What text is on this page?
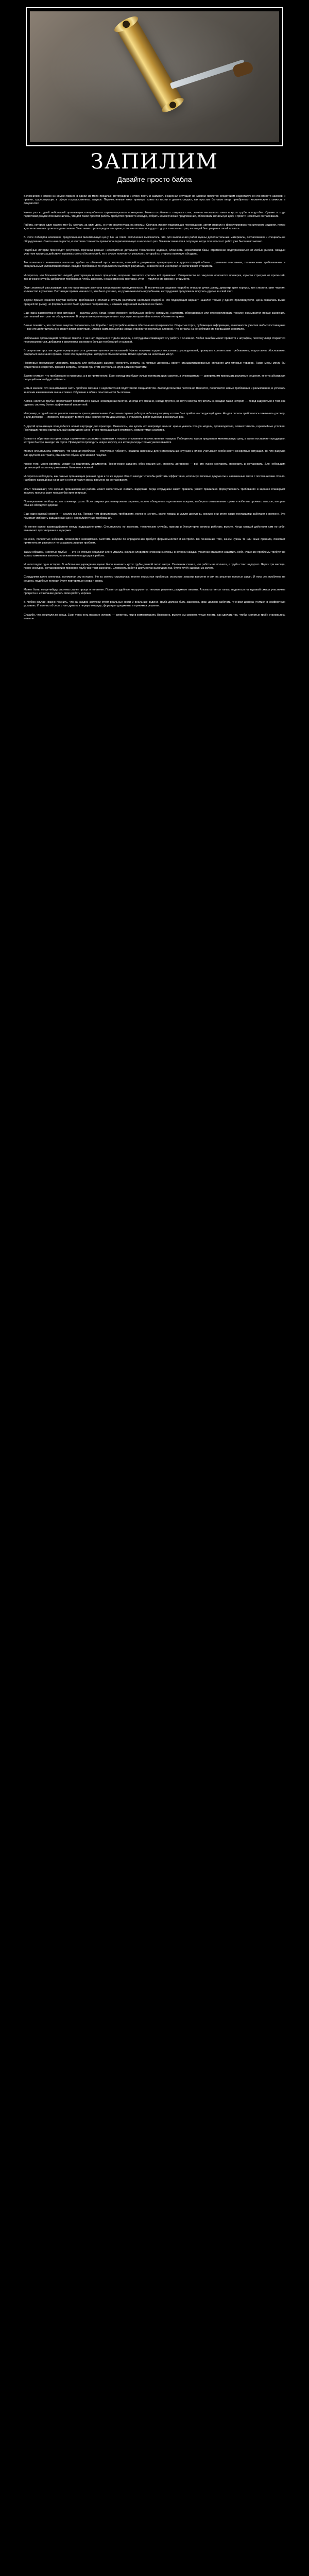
ЗАПИЛИМ
Давайте просто бабла

Вспомнился в одном из комментариев в одной из моих прошлых фотографий к этому посту и замысел. Подобная ситуация во многом является следствием недостаточной понятности законов и правил, существующих в сфере государственных закупок. Перечисленные ниже примеры взяты из жизни и демонстрируют, как простые бытовые вещи приобретают космическую стоимость в документах.

Как-то раз в одной небольшой организации понадобилось отремонтировать помещение. Ничего особенного: покраска стен, замена нескольких ламп и кусок трубы в подсобке. Однако в ходе подготовки документов выяснилось, что для такой простой работы требуется провести конкурс, собрать коммерческие предложения, обосновать начальную цену и пройти несколько согласований.

Работа, которую один мастер мог бы сделать за один день, в итоге растянулась на месяцы. Сначала искали подходящих поставщиков, затем спорили о формулировках технического задания, потом ждали окончания сроков подачи заявок. Участники торгов предлагали цены, которые отличались друг от друга в несколько раз, и каждый был уверен в своей правоте.

В итоге победила компания, предложившая минимальную цену. Но на этапе исполнения выяснилось, что для выполнения работ нужны дополнительные материалы, согласования и специальное оборудование. Смета начала расти, и итоговая стоимость превысила первоначальную в несколько раз. Заказчик оказался в ситуации, когда отказаться от работ уже было невозможно.

Подобные истории происходят регулярно. Причины разные: недостаточно детальное техническое задание, сложность нормативной базы, стремление подстраховаться от любых рисков. Каждый участник процесса действует в рамках своих обязанностей, но в сумме получается результат, который со стороны выглядит абсурдно.

Так появляется знаменитая «золотая труба» — обычный кусок металла, который в документах превращается в дорогостоящий объект с длинным описанием, техническими требованиями и специальными условиями поставки. Каждое требование по отдельности выглядит разумным, но вместе они многократно увеличивают стоимость.

Интересно, что большинство людей, участвующих в таких процессах, искренне пытаются сделать всё правильно. Специалисты по закупкам опасаются проверок, юристы страхуют от претензий, технические службы добавляют требования, чтобы избежать некачественной поставки. Итог — увеличение сроков и стоимости.

Один знакомый рассказывал, как его организация закупала канцелярские принадлежности. В техническом задании подробно описали ручки: длину, диаметр, цвет корпуса, тип стержня, цвет чернил, количество в упаковке. Поставщик привез именно то, что было указано, но ручки оказались неудобными, и сотрудники продолжали покупать другие за свой счет.

Другой пример касался покупки мебели. Требования к столам и стульям расписали настолько подробно, что подходящий вариант нашелся только у одного производителя. Цена оказалась выше средней по рынку, но формально всё было сделано по правилам, и никаких нарушений выявлено не было.

Еще одна распространенная ситуация — закупка услуг. Когда нужно провести небольшую работу, например, настроить оборудование или отремонтировать технику, оказывается проще заключить длительный контракт на обслуживание. В результате организация платит за услуги, которые ей в полном объеме не нужны.

Важно понимать, что система закупок создавалась для борьбы с злоупотреблениями и обеспечения прозрачности. Открытые торги, публикация информации, возможность участия любых поставщиков — всё это действительно снижает риски коррупции. Однако сама процедура иногда становится настолько сложной, что затраты на её соблюдение превышают экономию.

Небольшим организациям особенно тяжело. У них нет отдельного отдела закупок, а сотрудники совмещают эту работу с основной. Любая ошибка может привести к штрафам, поэтому люди стараются перестраховаться, добавляя в документы как можно больше требований и условий.

В результате простые задачи превращаются в длинные цепочки согласований. Нужно получить подписи нескольких руководителей, проверить соответствие требованиям, подготовить обоснования, дождаться окончания сроков. И всё это ради покупки, которую в обычной жизни можно сделать за несколько минут.

Некоторые предлагают упростить правила для небольших закупок, увеличить лимиты на прямые договоры, ввести стандартизированные описания для типовых товаров. Такие меры могли бы существенно сократить время и затраты, оставив при этом контроль за крупными контрактами.

Другие считают, что проблема не в правилах, а в их применении. Если сотрудники будут лучше понимать цели закупок, а руководители — доверять им принимать разумные решения, многих абсурдных ситуаций можно будет избежать.

Есть и мнение, что значительная часть проблем связана с недостаточной подготовкой специалистов. Законодательство постоянно меняется, появляются новые требования и разъяснения, и успевать за всеми изменениями очень сложно. Обучение и обмен опытом могли бы помочь.

А пока «золотые трубы» продолжают появляться в самых неожиданных местах. Иногда это смешно, иногда грустно, но почти всегда поучительно. Каждая такая история — повод задуматься о том, как сделать систему более эффективной и понятной.

Например, в одной школе решили заменить кран в умывальнике. Сантехник оценил работу в небольшую сумму и готов был прийти на следующий день. Но для оплаты требовалось заключить договор, а для договора — провести процедуру. В итоге кран меняли почти два месяца, а стоимость работ выросла в несколько раз.

В другой организации понадобился новый картридж для принтера. Оказалось, что купить его напрямую нельзя: нужно указать точную модель, производителя, совместимость, гарантийные условия. Поставщик привез оригинальный картридж по цене, втрое превышающей стоимость совместимых аналогов.

Бывают и обратные истории, когда стремление сэкономить приводит к покупке откровенно некачественных товаров. Победитель торгов предлагает минимальную цену, а затем поставляет продукцию, которая быстро выходит из строя. Приходится проводить новую закупку, и в итоге расходы только увеличиваются.

Многие специалисты отмечают, что главная проблема — отсутствие гибкости. Правила написаны для универсальных случаев и плохо учитывают особенности конкретных ситуаций. То, что разумно для крупного контракта, становится обузой для мелкой покупки.

Кроме того, много времени уходит на подготовку документов. Технические задания, обоснования цен, проекты договоров — всё это нужно составить, проверить и согласовать. Для небольших организаций такая нагрузка может быть непосильной.

Интересно наблюдать, как разные организации решают одни и те же задачи. Кто-то находит способы работать эффективно, используя типовые документы и налаженные связи с поставщиками. Кто-то, наоборот, каждый раз начинает с нуля и тратит массу времени на согласования.

Опыт показывает, что хорошо организованная работа может значительно снизить издержки. Когда сотрудники знают правила, умеют правильно формулировать требования и заранее планируют закупки, процесс идет гораздо быстрее и проще.

Планирование вообще играет ключевую роль. Если закупки распланированы заранее, можно объединять однотипные покупки, выбирать оптимальные сроки и избегать срочных заказов, которые обычно обходятся дороже.

Еще один важный момент — анализ рынка. Прежде чем формировать требования, полезно изучить, какие товары и услуги доступны, сколько они стоят, какие поставщики работают в регионе. Это помогает избежать завышенных цен и нереалистичных требований.

Не менее важно взаимодействие между подразделениями. Специалисты по закупкам, технические службы, юристы и бухгалтерия должны работать вместе. Когда каждый действует сам по себе, возникают противоречия и задержки.

Конечно, полностью избежать сложностей невозможно. Система закупок по определению требует формальностей и контроля. Но понимание того, зачем нужны те или иные правила, помогает применять их разумно и не создавать лишних проблем.

Таким образом, «золотые трубы» — это не столько результат злого умысла, сколько следствие сложной системы, в которой каждый участник старается защитить себя. Решение проблемы требует не только изменения законов, но и изменения подходов к работе.

И напоследок одна история. В небольшом учреждении нужно было заменить кусок трубы длиной около метра. Сантехник сказал, что работы на полчаса, а труба стоит недорого. Через три месяца, после конкурса, согласований и проверок, трубу всё-таки заменили. Стоимость работ в документах выглядела так, будто трубу сделали из золота.

Сотрудники долго смеялись, вспоминая эту историю. Но за смехом скрывалась вполне серьезная проблема: огромные затраты времени и сил на решение простых задач. И пока эта проблема не решена, подобные истории будут повторяться снова и снова.

Может быть, когда-нибудь система станет проще и понятнее. Появятся удобные инструменты, типовые решения, разумные лимиты. А пока остается только надеяться на здравый смысл участников процесса и их желание делать свою работу хорошо.

В любом случае, важно помнить, что за каждой закупкой стоят реальные люди и реальные задачи. Труба должна быть заменена, кран должен работать, ученики должны учиться в комфортных условиях. И именно об этом стоит думать в первую очередь, формируя документы и принимая решения.

Спасибо, что дочитали до конца. Если у вас есть похожие истории — делитесь ими в комментариях. Возможно, вместе мы сможем лучше понять, как сделать так, чтобы «золотых труб» становилось меньше.
